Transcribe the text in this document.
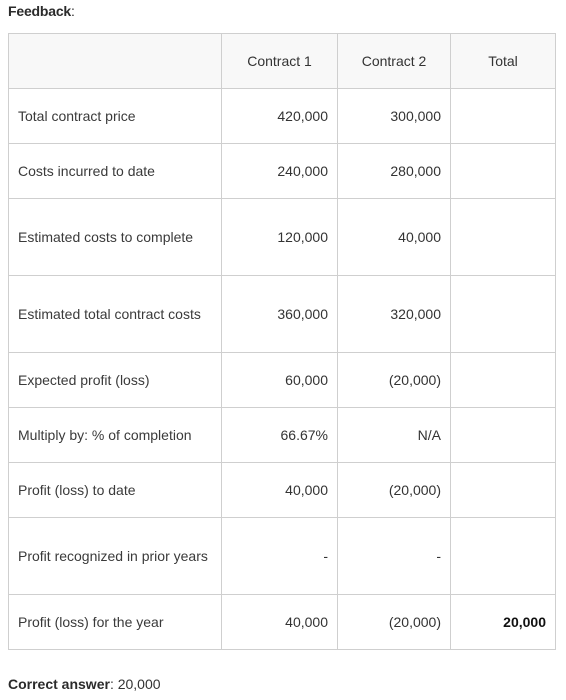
Feedback:
	Contract 1	Contract 2	Total
Total contract price	420,000	300,000	
Costs incurred to date	240,000	280,000	
Estimated costs to complete	120,000	40,000	
Estimated total contract costs	360,000	320,000	
Expected profit (loss)	60,000	(20,000)	
Multiply by: % of completion	66.67%	N/A	
Profit (loss) to date	40,000	(20,000)	
Profit recognized in prior years	-	-	
Profit (loss) for the year	40,000	(20,000)	20,000
Correct answer: 20,000
